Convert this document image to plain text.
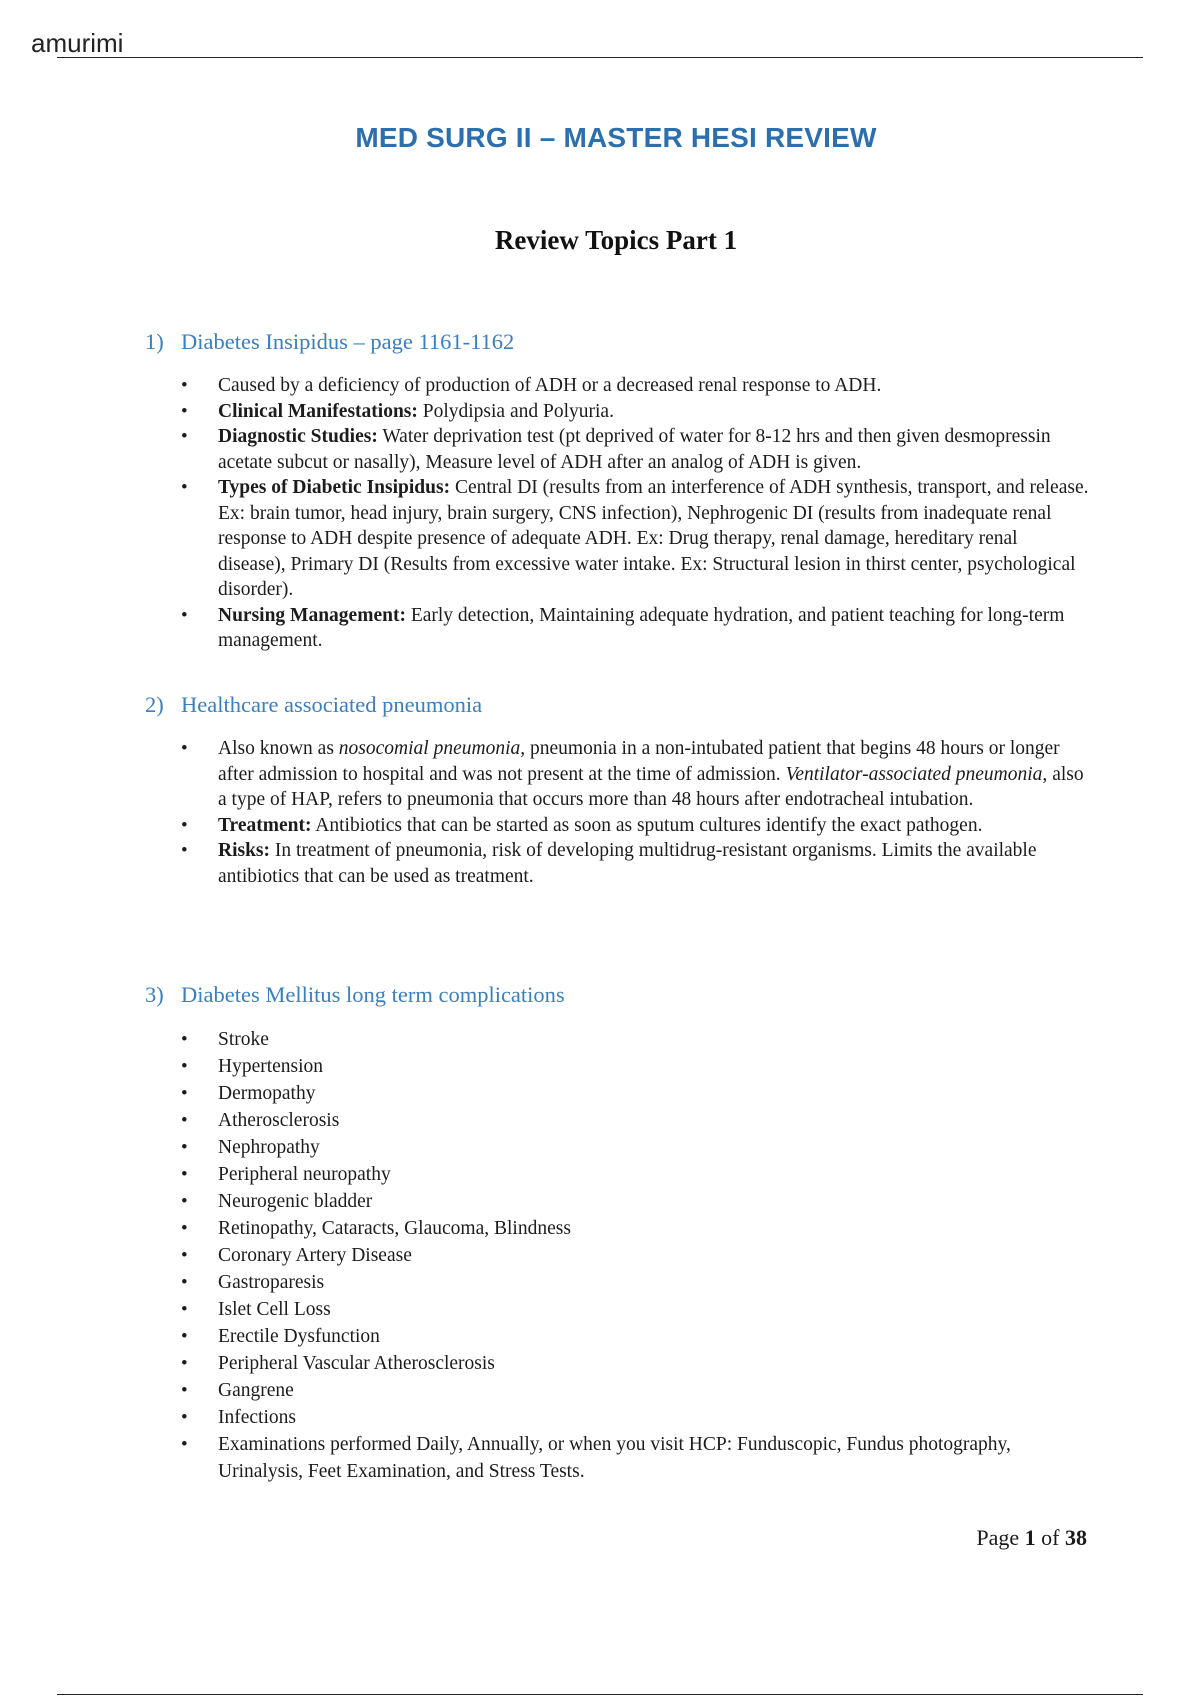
amurimi
MED SURG II – MASTER HESI REVIEW
Review Topics Part 1
1) Diabetes Insipidus – page 1161-1162
• Caused by a deficiency of production of ADH or a decreased renal response to ADH.
• Clinical Manifestations: Polydipsia and Polyuria.
• Diagnostic Studies: Water deprivation test (pt deprived of water for 8-12 hrs and then given desmopressin acetate subcut or nasally), Measure level of ADH after an analog of ADH is given.
• Types of Diabetic Insipidus: Central DI (results from an interference of ADH synthesis, transport, and release. Ex: brain tumor, head injury, brain surgery, CNS infection), Nephrogenic DI (results from inadequate renal response to ADH despite presence of adequate ADH. Ex: Drug therapy, renal damage, hereditary renal disease), Primary DI (Results from excessive water intake. Ex: Structural lesion in thirst center, psychological disorder).
• Nursing Management: Early detection, Maintaining adequate hydration, and patient teaching for long-term management.
2) Healthcare associated pneumonia
• Also known as nosocomial pneumonia, pneumonia in a non-intubated patient that begins 48 hours or longer after admission to hospital and was not present at the time of admission. Ventilator-associated pneumonia, also a type of HAP, refers to pneumonia that occurs more than 48 hours after endotracheal intubation.
• Treatment: Antibiotics that can be started as soon as sputum cultures identify the exact pathogen.
• Risks: In treatment of pneumonia, risk of developing multidrug-resistant organisms. Limits the available antibiotics that can be used as treatment.
3) Diabetes Mellitus long term complications
• Stroke
• Hypertension
• Dermopathy
• Atherosclerosis
• Nephropathy
• Peripheral neuropathy
• Neurogenic bladder
• Retinopathy, Cataracts, Glaucoma, Blindness
• Coronary Artery Disease
• Gastroparesis
• Islet Cell Loss
• Erectile Dysfunction
• Peripheral Vascular Atherosclerosis
• Gangrene
• Infections
• Examinations performed Daily, Annually, or when you visit HCP: Funduscopic, Fundus photography, Urinalysis, Feet Examination, and Stress Tests.
Page 1 of 38
